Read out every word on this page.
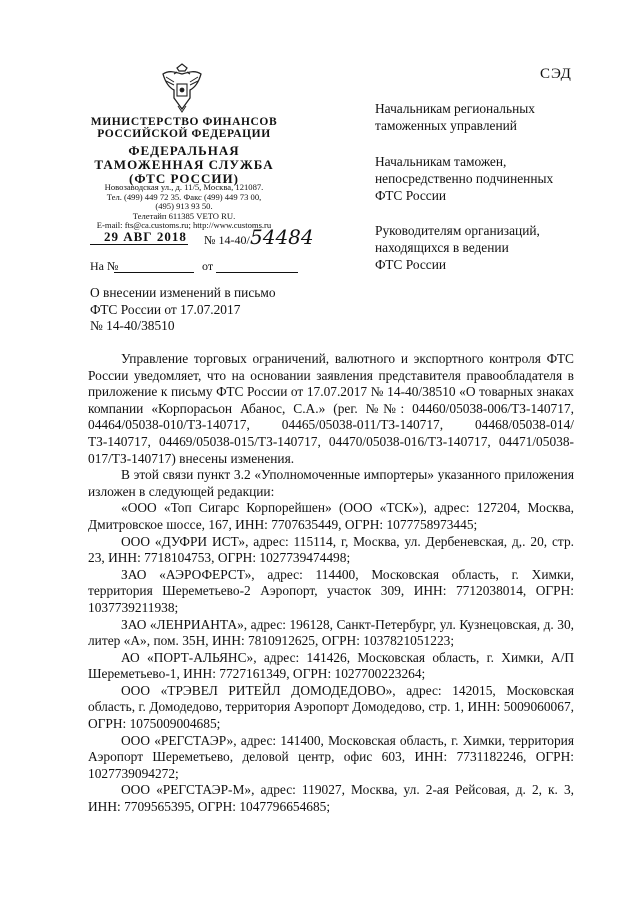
СЭД
МИНИСТЕРСТВО ФИНАНСОВ
РОССИЙСКОЙ ФЕДЕРАЦИИ
ФЕДЕРАЛЬНАЯ
ТАМОЖЕННАЯ СЛУЖБА
(ФТС РОССИИ)
Новозаводская ул., д. 11/5, Москва, 121087.
Тел. (499) 449 72 35. Факс (499) 449 73 00,
(495) 913 93 50.
Телетайп 611385 VETO RU.
E-mail: fts@ca.customs.ru; http://www.customs.ru
29 АВГ 2018 № 14-40/ 54484
На №	от
Начальникам региональных
таможенных управлений
Начальникам таможен,
непосредственно подчиненных
ФТС России
Руководителям организаций,
находящихся в ведении
ФТС России
О внесении изменений в письмо
ФТС России от 17.07.2017
№ 14-40/38510

Управление торговых ограничений, валютного и экспортного контроля ФТС России уведомляет, что на основании заявления представителя правообладателя в приложение к письму ФТС России от 17.07.2017 № 14-40/38510 «О товарных знаках компании «Корпорасьон Абанос, С.А.» (рег. №№: 04460/05038-006/ТЗ-140717, 04464/05038-010/ТЗ-140717, 04465/05038-011/ТЗ-140717, 04468/05038-014/ТЗ-140717, 04469/05038-015/ТЗ-140717, 04470/05038-016/ТЗ-140717, 04471/05038-017/ТЗ-140717) внесены изменения.

В этой связи пункт 3.2 «Уполномоченные импортеры» указанного приложения изложен в следующей редакции:

«ООО «Топ Сигарс Корпорейшен» (ООО «ТСК»), адрес: 127204, Москва, Дмитровское шоссе, 167, ИНН: 7707635449, ОГРН: 1077758973445;

ООО «ДУФРИ ИСТ», адрес: 115114, г, Москва, ул. Дербеневская, д,. 20, стр. 23, ИНН: 7718104753, ОГРН: 1027739474498;

ЗАО «АЭРОФЕРСТ», адрес: 114400, Московская область, г. Химки, территория Шереметьево-2 Аэропорт, участок 309, ИНН: 7712038014, ОГРН: 1037739211938;

ЗАО «ЛЕНРИАНТА», адрес: 196128, Санкт-Петербург, ул. Кузнецовская, д. 30, литер «А», пом. 35Н, ИНН: 7810912625, ОГРН: 1037821051223;

АО «ПОРТ-АЛЬЯНС», адрес: 141426, Московская область, г. Химки, А/П Шереметьево-1, ИНН: 7727161349, ОГРН: 1027700223264;

ООО «ТРЭВЕЛ РИТЕЙЛ ДОМОДЕДОВО», адрес: 142015, Московская область, г. Домодедово, территория Аэропорт Домодедово, стр. 1, ИНН: 5009060067, ОГРН: 1075009004685;

ООО «РЕГСТАЭР», адрес: 141400, Московская область, г. Химки, территория Аэропорт Шереметьево, деловой центр, офис 603, ИНН: 7731182246, ОГРН: 1027739094272;

ООО «РЕГСТАЭР-М», адрес: 119027, Москва, ул. 2-ая Рейсовая, д. 2, к. 3, ИНН: 7709565395, ОГРН: 1047796654685;
